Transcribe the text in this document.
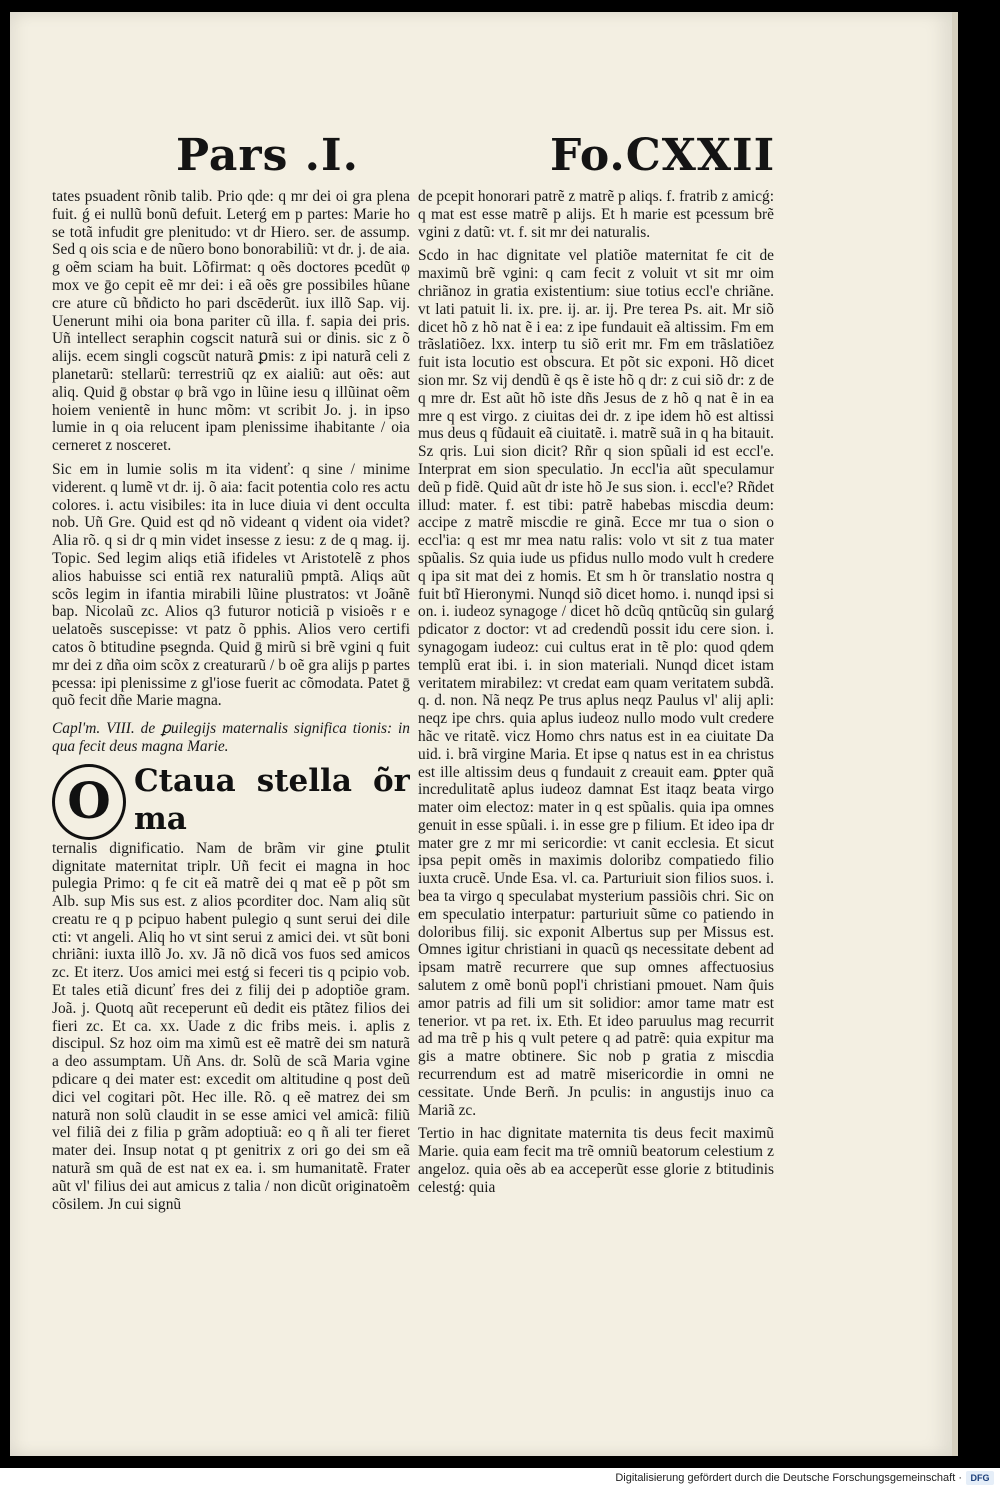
Pars .I.	Fo.CXXII

tates psuadent rõnib talib. Prio qde: q mr dei oi gra plena fuit. ǵ ei nullũ bonũ defuit. Leterǵ em p partes: Marie ho se totã infudit gre plenitudo: vt dr Hiero. ser. de assump. Sed q ois scia e de nũero bono bonorabiliũ: vt dr. j. de aia. g oẽm sciam ha buit. Lõfirmat: q oẽs doctores ᵽcedũt φ mox ve ḡo cepit eẽ mr dei: i eã oẽs gre possibiles hũane cre ature cũ bñdicto ho pari dscēderũt. iux illõ Sap. vij. Uenerunt mihi oia bona pariter cũ illa. f. sapia dei pris. Uñ intellect seraphin cogscit naturã sui or dinis. sic z õ alijs. ecem singli cogscũt naturã ꝑmis: z ipi naturã celi z planetarũ: stellarũ: terrestriũ qz ex aialiũ: aut oẽs: aut aliq. Quid ḡ obstar φ brã vgo in lũine iesu q illũinat oẽm hoiem venientẽ in hunc mõm: vt scribit Jo. j. in ipso lumie in q oia relucent ipam plenissime ihabitante / oia cerneret z nosceret.

Sic em in lumie solis m ita videnť: q sine / minime viderent. q lumẽ vt dr. ij. õ aia: facit potentia colo res actu colores. i. actu visibiles: ita in luce diuia vi dent occulta nob. Uñ Gre. Quid est qd nõ videant q vident oia videt? Alia rõ. q si dr q min videt insesse z iesu: z de q mag. ij. Topic. Sed legim aliqs etiã ifideles vt Aristotelẽ z phos alios habuisse sci entiã rex naturaliũ pmptã. Aliqs aũt scõs legim in ifantia mirabili lũine plustratos: vt Joãnẽ bap. Nicolaũ zc. Alios q3 futuror noticiã p visioẽs r e uelatoẽs suscepisse: vt patz õ pphis. Alios vero certifi catos õ btitudine ᵽsegnda. Quid ḡ mirũ si brẽ vgini q fuit mr dei z dña oim scõx z creaturarũ / b oẽ gra alijs p partes ᵽcessa: ipi plenissime z gl'iose fuerit ac cõmodata. Patet ḡ quõ fecit dñe Marie magna.

Capl'm. VIII. de ꝑuilegijs maternalis significa tionis: in qua fecit deus magna Marie.
O Ctaua stella õr ma
ternalis dignificatio. Nam de brãm vir gine ꝑtulit dignitate maternitat triplr. Uñ fecit ei magna in hoc pulegia Primo: q fe cit eã matrẽ dei q mat eẽ p põt sm Alb. sup Mis sus est. z alios ᵽcorditer doc. Nam aliq sũt creatu re q p pcipuo habent pulegio q sunt serui dei dile cti: vt angeli. Aliq ho vt sint serui z amici dei. vt sũt boni chriãni: iuxta illõ Jo. xv. Jã nõ dicã vos fuos sed amicos zc. Et iterz. Uos amici mei estǵ si feceri tis q pcipio vob. Et tales etiã dicunť fres dei z filij dei p adoptiõe gram. Joã. j. Quotq aũt receperunt eũ dedit eis ptãtez filios dei fieri zc. Et ca. xx. Uade z dic fribs meis. i. aplis z discipul. Sz hoz oim ma ximũ est eẽ matrẽ dei sm naturã a deo assumptam. Uñ Ans. dr. Solũ de scã Maria vgine pdicare q dei mater est: excedit om altitudine q post deũ dici vel cogitari põt. Hec ille. Rõ. q eẽ matrez dei sm naturã non solũ claudit in se esse amici vel amicã: filiũ vel filiã dei z filia p grãm adoptiuã: eo q ñ ali ter fieret mater dei. Insup notat q pt genitrix z ori go dei sm eã naturã sm quã de est nat ex ea. i. sm humanitatẽ. Frater aũt vl' filius dei aut amicus z talia / non dicũt originatoẽm cõsilem. Jn cui signũ

de pcepit honorari patrẽ z matrẽ p aliqs. f. fratrib z amicǵ: q mat est esse matrẽ p alijs. Et h marie est ᵽcessum brẽ vgini z datũ: vt. f. sit mr dei naturalis.

Scdo in hac dignitate vel platiõe maternitat fe cit de maximũ brẽ vgini: q cam fecit z voluit vt sit mr oim chriãnoz in gratia existentium: siue totius eccl'e chriãne. vt lati patuit li. ix. pre. ij. ar. ij. Pre terea Ps. ait. Mr siõ dicet hõ z hõ nat ẽ i ea: z ipe fundauit eã altissim. Fm em trãslatiõez. lxx. interp tu siõ erit mr. Fm em trãslatiõez fuit ista locutio est obscura. Et põt sic exponi. Hõ dicet sion mr. Sz vij dendũ ẽ qs ẽ iste hõ q dr: z cui siõ dr: z de q mre dr. Est aũt hõ iste dñs Jesus de z hõ q nat ẽ in ea mre q est virgo. z ciuitas dei dr. z ipe idem hõ est altissi mus deus q fũdauit eã ciuitatẽ. i. matrẽ suã in q ha bitauit. Sz qris. Lui sion dicit? Rñr q sion spũali id est eccl'e. Interprat em sion speculatio. Jn eccl'ia aũt speculamur deũ p fidẽ. Quid aũt dr iste hõ Je sus sion. i. eccl'e? Rñdet illud: mater. f. est tibi: patrẽ habebas miscdia deum: accipe z matrẽ miscdie re ginã. Ecce mr tua o sion o eccl'ia: q est mr mea natu ralis: volo vt sit z tua mater spũalis. Sz quia iude us pfidus nullo modo vult h credere q ipa sit mat dei z homis. Et sm h õr translatio nostra q fuit btĩ Hieronymi. Nunqd siõ dicet homo. i. nunqd ipsi si on. i. iudeoz synagoge / dicet hõ dcũq qntũcũq sin gularǵ pdicator z doctor: vt ad credendũ possit idu cere sion. i. synagogam iudeoz: cui cultus erat in tẽ plo: quod qdem templũ erat ibi. i. in sion materiali. Nunqd dicet istam veritatem mirabilez: vt credat eam quam veritatem subdã. q. d. non. Nã neqz Pe trus aplus neqz Paulus vl' alij apli: neqz ipe chrs. quia aplus iudeoz nullo modo vult credere hãc ve ritatẽ. vicz Homo chrs natus est in ea ciuitate Da uid. i. brã virgine Maria. Et ipse q natus est in ea christus est ille altissim deus q fundauit z creauit eam. ꝑpter quã incredulitatẽ aplus iudeoz damnat Est itaqz beata virgo mater oim electoz: mater in q est spũalis. quia ipa omnes genuit in esse spũali. i. in esse gre p filium. Et ideo ipa dr mater gre z mr mi sericordie: vt canit ecclesia. Et sicut ipsa pepit omẽs in maximis doloribz compatiedo filio iuxta crucẽ. Unde Esa. vl. ca. Parturiuit sion filios suos. i. bea ta virgo q speculabat mysterium passiõis chri. Sic on em speculatio interpatur: parturiuit sũme co patiendo in doloribus filij. sic exponit Albertus sup per Missus est. Omnes igitur christiani in quacũ qs necessitate debent ad ipsam matrẽ recurrere que sup omnes affectuosius salutem z omẽ bonũ popl'i christiani pmouet. Nam q̃uis amor patris ad fili um sit solidior: amor tame matr est tenerior. vt pa ret. ix. Eth. Et ideo paruulus mag recurrit ad ma trẽ p his q vult petere q ad patrẽ: quia expitur ma gis a matre obtinere. Sic nob p gratia z miscdia recurrendum est ad matrẽ misericordie in omni ne cessitate. Unde Berñ. Jn pculis: in angustijs inuo ca Mariã zc.

Tertio in hac dignitate maternita tis deus fecit maximũ Marie. quia eam fecit ma trẽ omniũ beatorum celestium z angeloz. quia oẽs ab ea acceperũt esse glorie z btitudinis celestǵ: quia

Digitalisierung gefördert durch die Deutsche Forschungsgemeinschaft · DFG
